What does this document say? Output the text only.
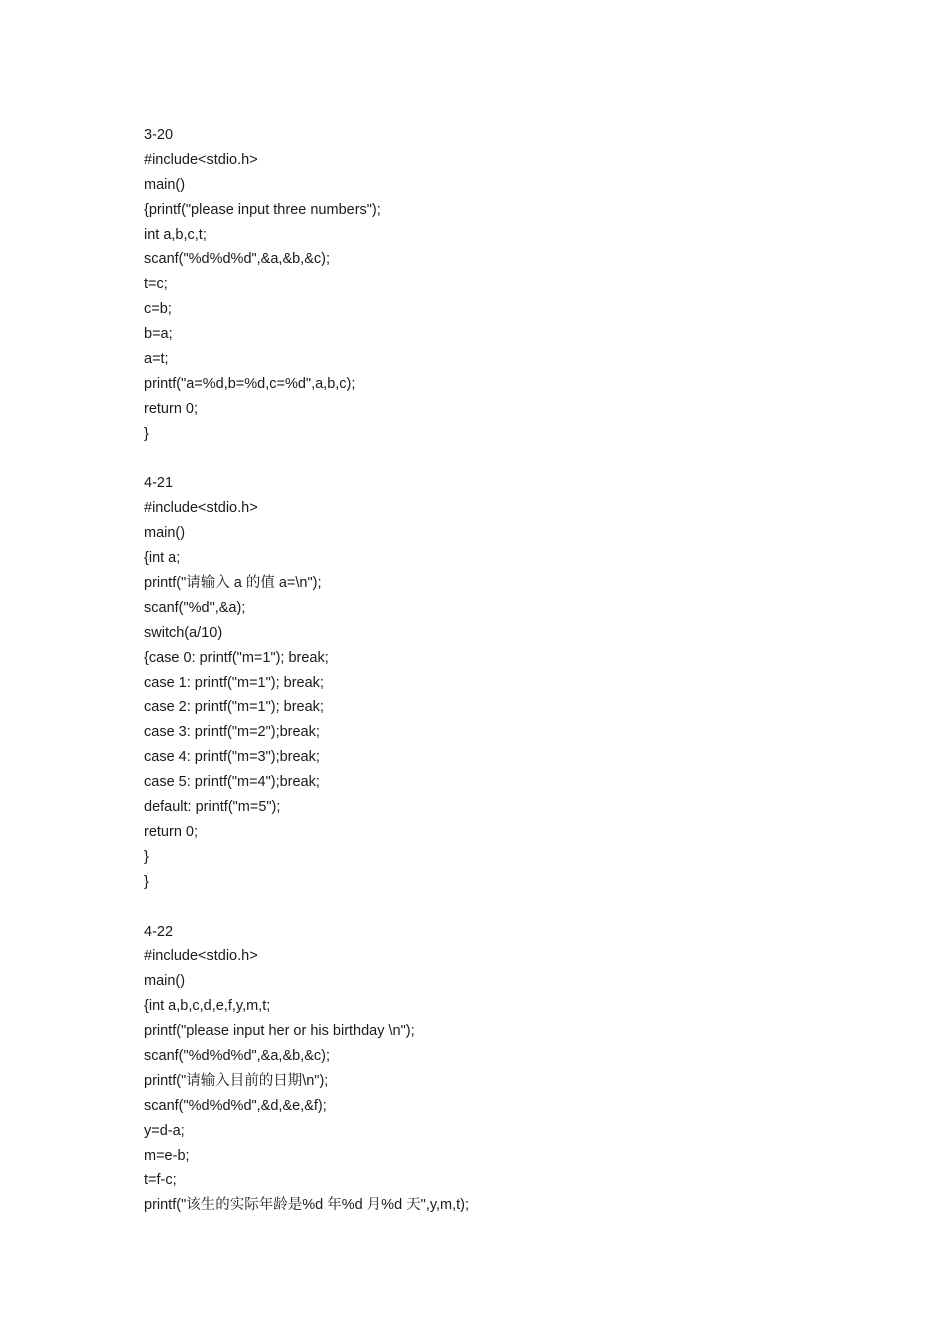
3-20
#include<stdio.h>
main()
{printf("please input three numbers");
int a,b,c,t;
scanf("%d%d%d",&a,&b,&c);
t=c;
c=b;
b=a;
a=t;
printf("a=%d,b=%d,c=%d",a,b,c);
return 0;
}
4-21
#include<stdio.h>
main()
{int a;
printf("请输入 a 的值 a=\n");
scanf("%d",&a);
switch(a/10)
{case 0: printf("m=1"); break;
case 1: printf("m=1"); break;
case 2: printf("m=1"); break;
case 3: printf("m=2");break;
case 4: printf("m=3");break;
case 5: printf("m=4");break;
default: printf("m=5");
return 0;
}
}
4-22
#include<stdio.h>
main()
{int a,b,c,d,e,f,y,m,t;
printf("please input her or his birthday \n");
scanf("%d%d%d",&a,&b,&c);
printf("请输入目前的日期\n");
scanf("%d%d%d",&d,&e,&f);
y=d-a;
m=e-b;
t=f-c;
printf("该生的实际年龄是%d 年%d 月%d 天",y,m,t);
